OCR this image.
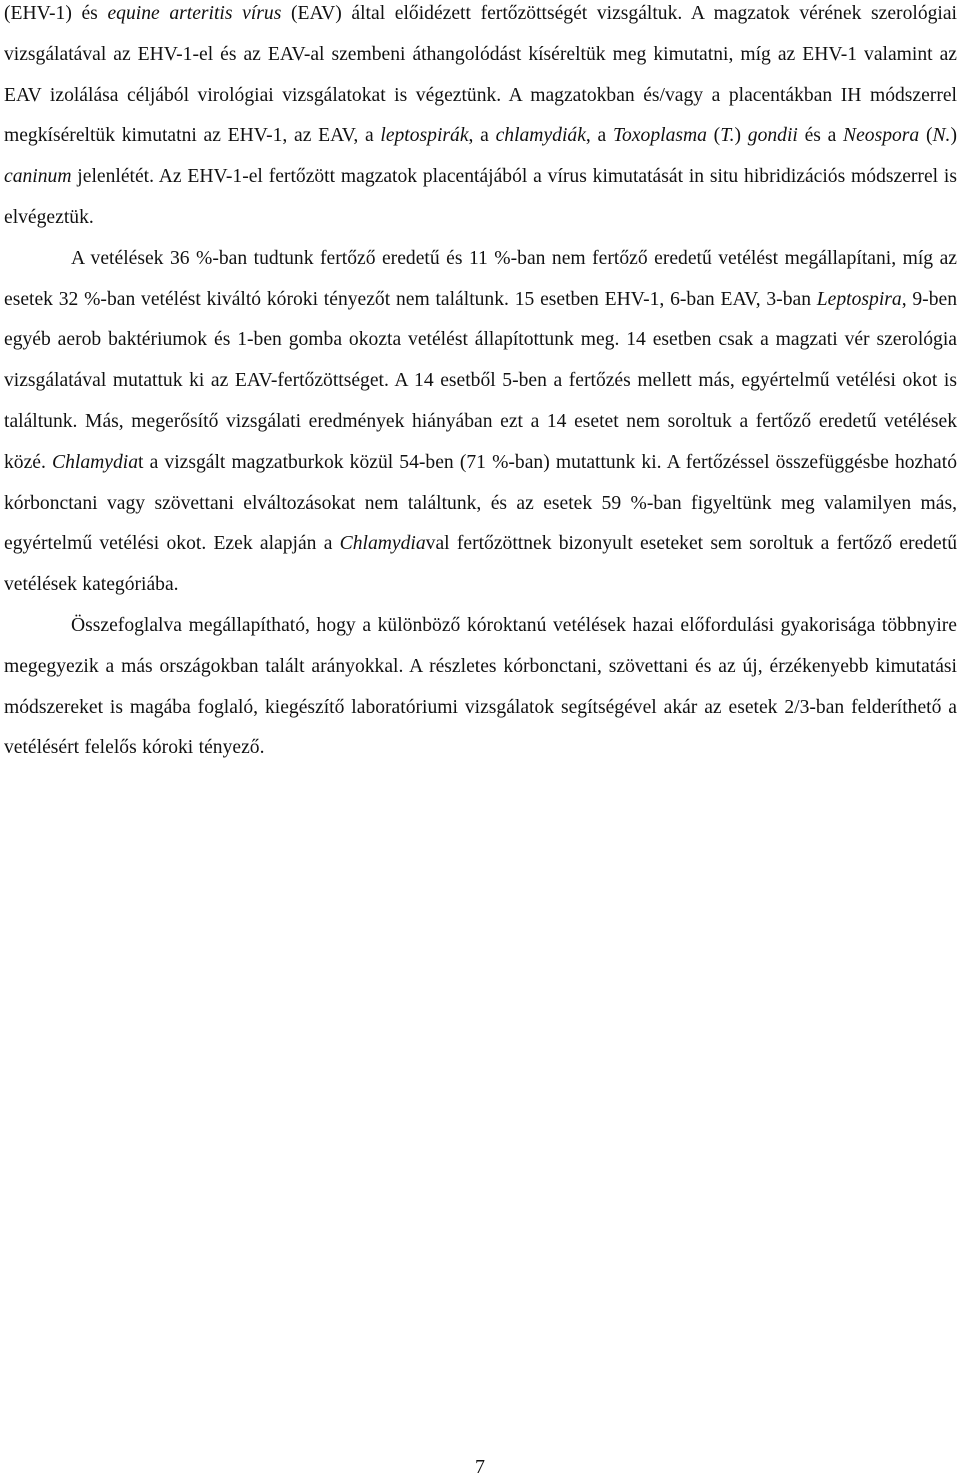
(EHV-1) és equine arteritis vírus (EAV) által előidézett fertőzöttségét vizsgáltuk. A magzatok vérének szerológiai vizsgálatával az EHV-1-el és az EAV-al szembeni áthangolódást kíséreltük meg kimutatni, míg az EHV-1 valamint az EAV izolálása céljából virológiai vizsgálatokat is végeztünk. A magzatokban és/vagy a placentákban IH módszerrel megkíséreltük kimutatni az EHV-1, az EAV, a leptospirák, a chlamydiák, a Toxoplasma (T.) gondii és a Neospora (N.) caninum jelenlétét. Az EHV-1-el fertőzött magzatok placentájából a vírus kimutatását in situ hibridizációs módszerrel is elvégeztük.

A vetélések 36 %-ban tudtunk fertőző eredetű és 11 %-ban nem fertőző eredetű vetélést megállapítani, míg az esetek 32 %-ban vetélést kiváltó kóroki tényezőt nem találtunk. 15 esetben EHV-1, 6-ban EAV, 3-ban Leptospira, 9-ben egyéb aerob baktériumok és 1-ben gomba okozta vetélést állapítottunk meg. 14 esetben csak a magzati vér szerológia vizsgálatával mutattuk ki az EAV-fertőzöttséget. A 14 esetből 5-ben a fertőzés mellett más, egyértelmű vetélési okot is találtunk. Más, megerősítő vizsgálati eredmények hiányában ezt a 14 esetet nem soroltuk a fertőző eredetű vetélések közé. Chlamydiat a vizsgált magzatburkok közül 54-ben (71 %-ban) mutattunk ki. A fertőzéssel összefüggésbe hozható kórbonctani vagy szövettani elváltozásokat nem találtunk, és az esetek 59 %-ban figyeltünk meg valamilyen más, egyértelmű vetélési okot. Ezek alapján a Chlamydiaval fertőzöttnek bizonyult eseteket sem soroltuk a fertőző eredetű vetélések kategóriába.

Összefoglalva megállapítható, hogy a különböző kóroktanú vetélések hazai előfordulási gyakorisága többnyire megegyezik a más országokban talált arányokkal. A részletes kórbonctani, szövettani és az új, érzékenyebb kimutatási módszereket is magába foglaló, kiegészítő laboratóriumi vizsgálatok segítségével akár az esetek 2/3-ban felderíthető a vetélésért felelős kóroki tényező.

7
